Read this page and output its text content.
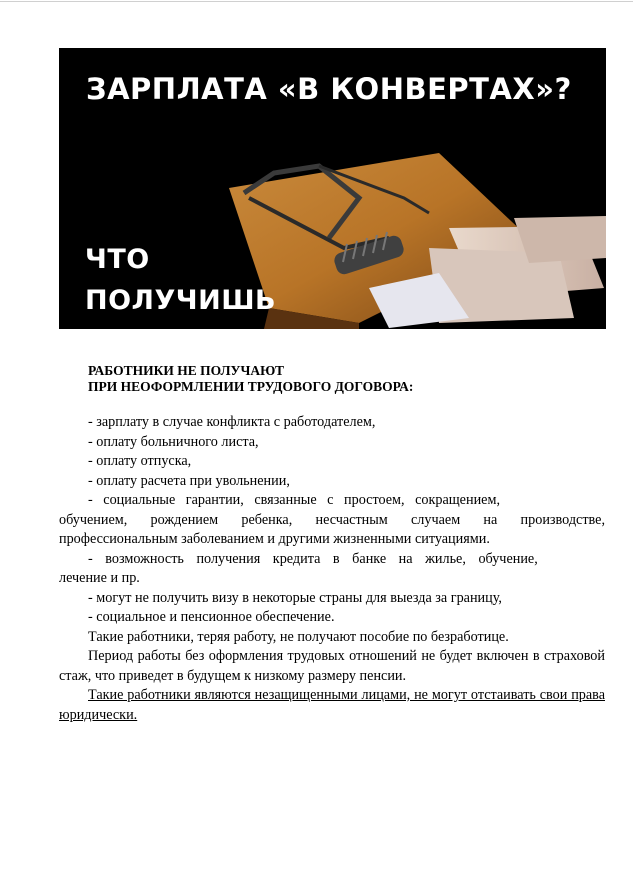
ЗАРПЛАТА «В КОНВЕРТАХ»?
ЧТО
ПОЛУЧИШЬ

РАБОТНИКИ НЕ ПОЛУЧАЮТ

ПРИ НЕОФОРМЛЕНИИ ТРУДОВОГО ДОГОВОРА:

- зарплату в случае конфликта с работодателем,

- оплату больничного листа,

- оплату отпуска,

- оплату расчета при увольнении,

- социальные гарантии, связанные с простоем, сокращением,

обучением, рождением ребенка, несчастным случаем на производстве, профессиональным заболеванием и другими жизненными ситуациями.

- возможность получения кредита в банке на жилье, обучение,

лечение и пр.

- могут не получить визу в некоторые страны для выезда за границу,

- социальное и пенсионное обеспечение.

Такие работники, теряя работу, не получают пособие по безработице.

Период работы без оформления трудовых отношений не будет включен в страховой стаж, что приведет в будущем к низкому размеру пенсии.

Такие работники являются незащищенными лицами, не могут отстаивать свои права юридически.
